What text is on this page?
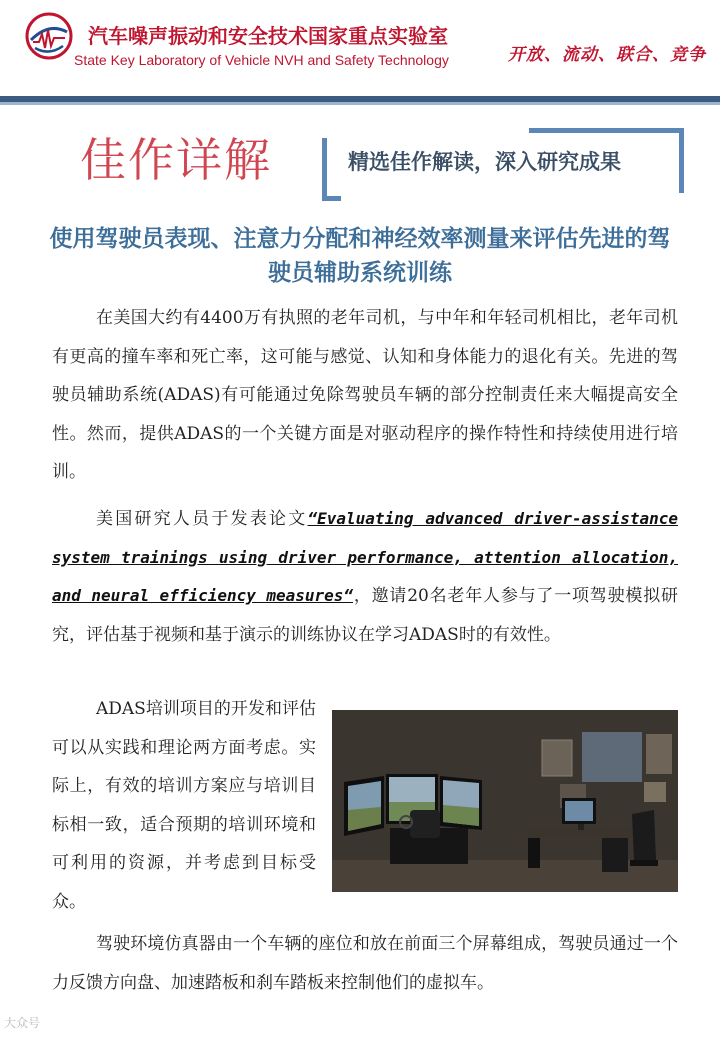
汽车噪声振动和安全技术国家重点实验室
State Key Laboratory of Vehicle NVH and Safety Technology	开放、流动、联合、竞争
佳作详解	精选佳作解读，深入研究成果
使用驾驶员表现、注意力分配和神经效率测量来评估先进的驾驶员辅助系统训练
在美国大约有4400万有执照的老年司机，与中年和年轻司机相比，老年司机有更高的撞车率和死亡率，这可能与感觉、认知和身体能力的退化有关。先进的驾驶员辅助系统(ADAS)有可能通过免除驾驶员车辆的部分控制责任来大幅提高安全性。然而，提供ADAS的一个关键方面是对驱动程序的操作特性和持续使用进行培训。
美国研究人员于发表论文“Evaluating advanced driver-assistance system trainings using driver performance, attention allocation, and neural efficiency measures“，邀请20名老年人参与了一项驾驶模拟研究，评估基于视频和基于演示的训练协议在学习ADAS时的有效性。
ADAS培训项目的开发和评估可以从实践和理论两方面考虑。实际上，有效的培训方案应与培训目标相一致，适合预期的培训环境和可利用的资源，并考虑到目标受众。
驾驶环境仿真器由一个车辆的座位和放在前面三个屏幕组成，驾驶员通过一个力反馈方向盘、加速踏板和刹车踏板来控制他们的虚拟车。
大众号
